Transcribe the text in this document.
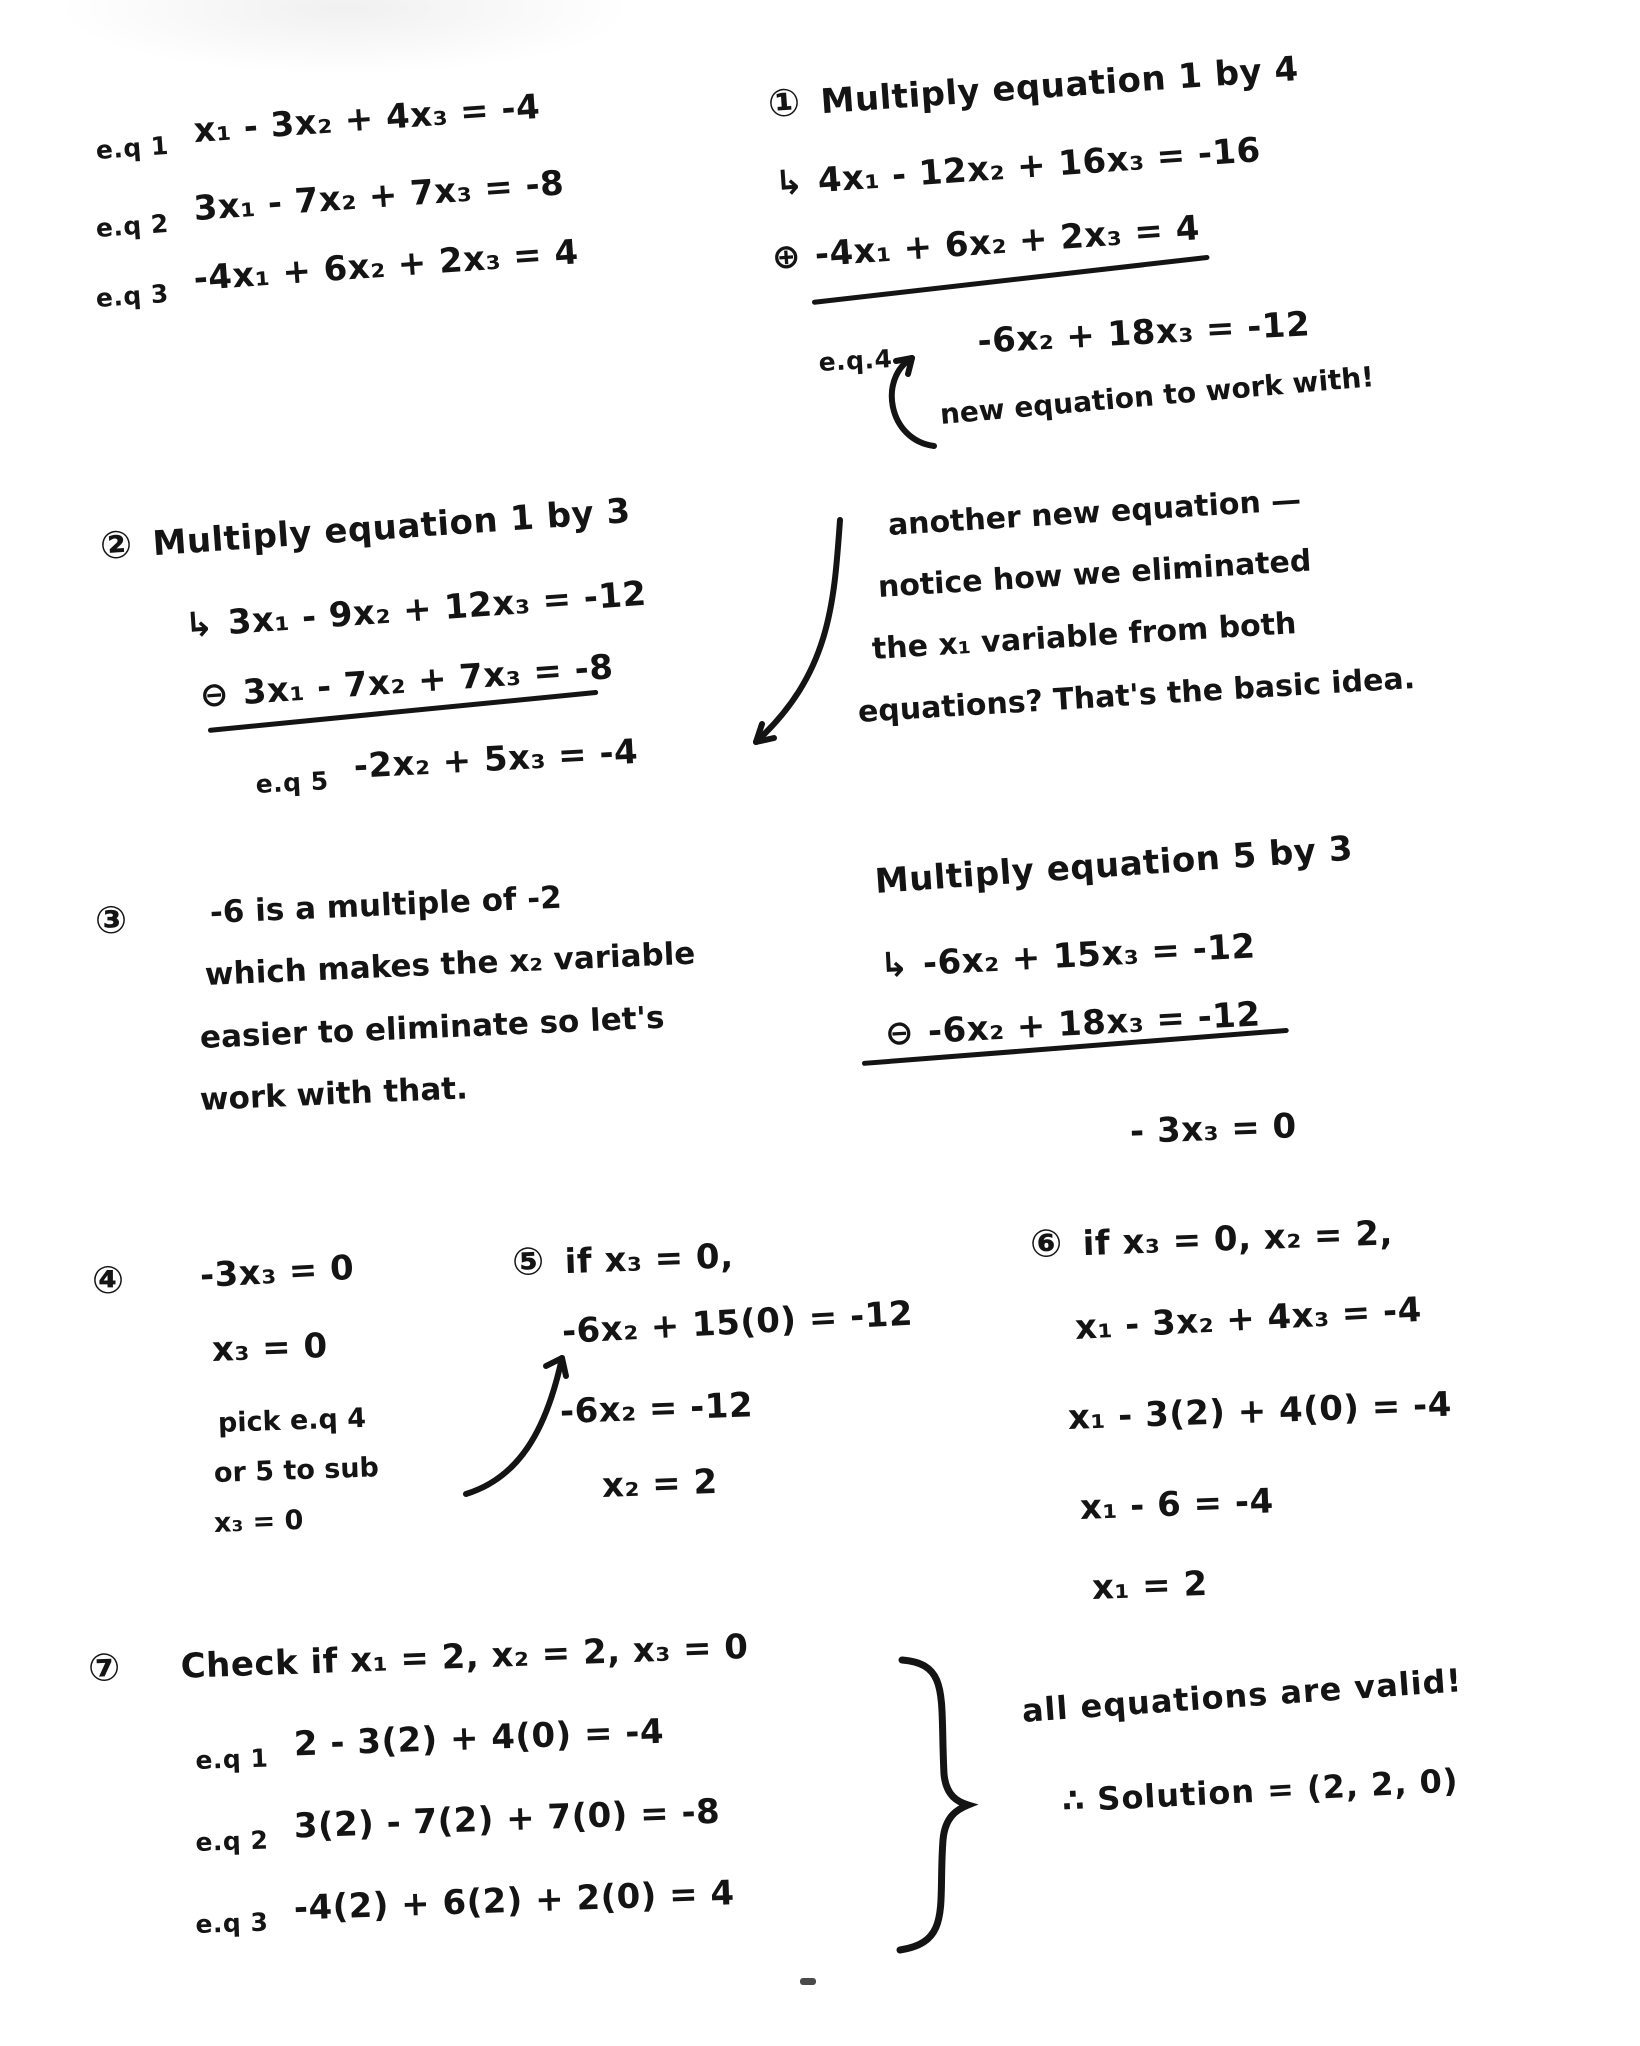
$_{e.q 1}$ x₁ - 3x₂ + 4x₃ = -4
$_{e.q 2}$ 3x₁ - 7x₂ + 7x₃ = -8
$_{e.q 3}$ -4x₁ + 6x₂ + 2x₃ = 4
① Multiply equation 1 by 4
↳ 4x₁ - 12x₂ + 16x₃ = -16
⊕ -4x₁ + 6x₂ + 2x₃ = 4
$_{e.q.4}$ -6x₂ + 18x₃ = -12
new equation to work with!
② Multiply equation 1 by 3
↳ 3x₁ - 9x₂ + 12x₃ = -12
⊖ 3x₁ - 7x₂ + 7x₃ = -8
$_{e.q 5}$ -2x₂ + 5x₃ = -4
another new equation —
notice how we eliminated
the x₁ variable from both
equations? That's the basic idea.
③	-6 is a multiple of -2
which makes the x₂ variable
easier to eliminate so let's
work with that.
Multiply equation 5 by 3
↳ -6x₂ + 15x₃ = -12
⊖ -6x₂ + 18x₃ = -12
- 3x₃ = 0
④ -3x₃ = 0
x₃ = 0
pick e.q 4
or 5 to sub
x₃ = 0
⑤ if x₃ = 0,
-6x₂ + 15(0) = -12
-6x₂ = -12
x₂ = 2
⑥ if x₃ = 0, x₂ = 2,
x₁ - 3x₂ + 4x₃ = -4
x₁ - 3(2) + 4(0) = -4
x₁ - 6 = -4
x₁ = 2
⑦ Check if x₁ = 2, x₂ = 2, x₃ = 0
$_{e.q 1}$ 2 - 3(2) + 4(0) = -4
$_{e.q 2}$ 3(2) - 7(2) + 7(0) = -8
$_{e.q 3}$ -4(2) + 6(2) + 2(0) = 4
all equations are valid!
∴ Solution = (2, 2, 0)
